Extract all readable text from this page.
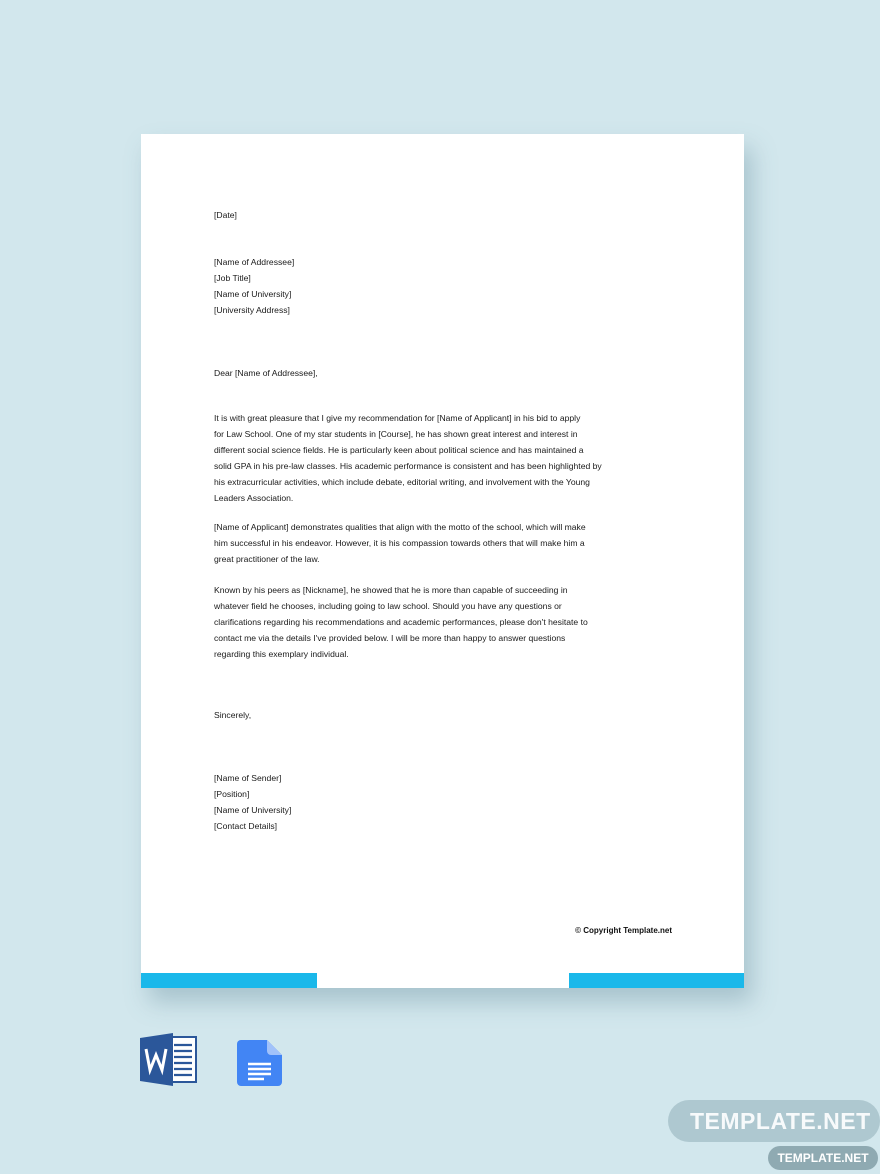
[Date]
[Name of Addressee]
[Job Title]
[Name of University]
[University Address]
Dear [Name of Addressee],
It is with great pleasure that I give my recommendation for [Name of Applicant] in his bid to apply
for Law School. One of my star students in [Course], he has shown great interest and interest in
different social science fields. He is particularly keen about political science and has maintained a
solid GPA in his pre-law classes. His academic performance is consistent and has been highlighted by
his extracurricular activities, which include debate, editorial writing, and involvement with the Young
Leaders Association.
[Name of Applicant] demonstrates qualities that align with the motto of the school, which will make
him successful in his endeavor. However, it is his compassion towards others that will make him a
great practitioner of the law.
Known by his peers as [Nickname], he showed that he is more than capable of succeeding in
whatever field he chooses, including going to law school. Should you have any questions or
clarifications regarding his recommendations and academic performances, please don't hesitate to
contact me via the details I've provided below. I will be more than happy to answer questions
regarding this exemplary individual.
Sincerely,
[Name of Sender]
[Position]
[Name of University]
[Contact Details]
© Copyright Template.net
TEMPLATE.NET
TEMPLATE.NET
